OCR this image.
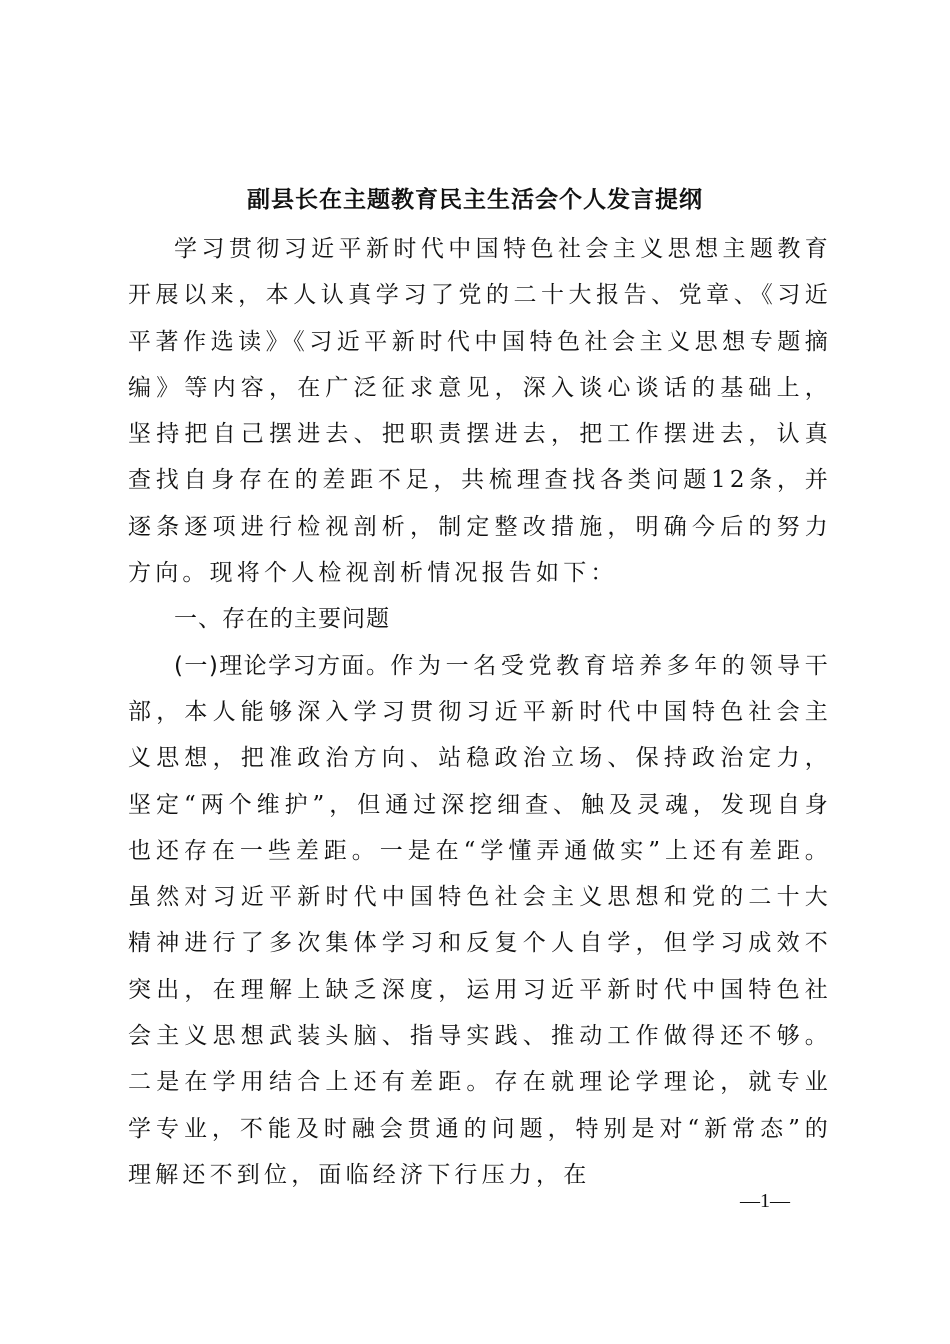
副县长在主题教育民主生活会个人发言提纲

学习贯彻习近平新时代中国特色社会主义思想主题教育开展以来，本人认真学习了党的二十大报告、党章、《习近平著作选读》《习近平新时代中国特色社会主义思想专题摘编》等内容，在广泛征求意见，深入谈心谈话的基础上，坚持把自己摆进去、把职责摆进去，把工作摆进去，认真查找自身存在的差距不足，共梳理查找各类问题12条，并逐条逐项进行检视剖析，制定整改措施，明确今后的努力方向。现将个人检视剖析情况报告如下：

一、存在的主要问题

(一)理论学习方面。作为一名受党教育培养多年的领导干部，本人能够深入学习贯彻习近平新时代中国特色社会主义思想，把准政治方向、站稳政治立场、保持政治定力，坚定“两个维护”，但通过深挖细查、触及灵魂，发现自身也还存在一些差距。一是在“学懂弄通做实”上还有差距。虽然对习近平新时代中国特色社会主义思想和党的二十大精神进行了多次集体学习和反复个人自学，但学习成效不突出，在理解上缺乏深度，运用习近平新时代中国特色社会主义思想武装头脑、指导实践、推动工作做得还不够。二是在学用结合上还有差距。存在就理论学理论，就专业学专业，不能及时融会贯通的问题，特别是对“新常态”的理解还不到位，面临经济下行压力，在

—1—
